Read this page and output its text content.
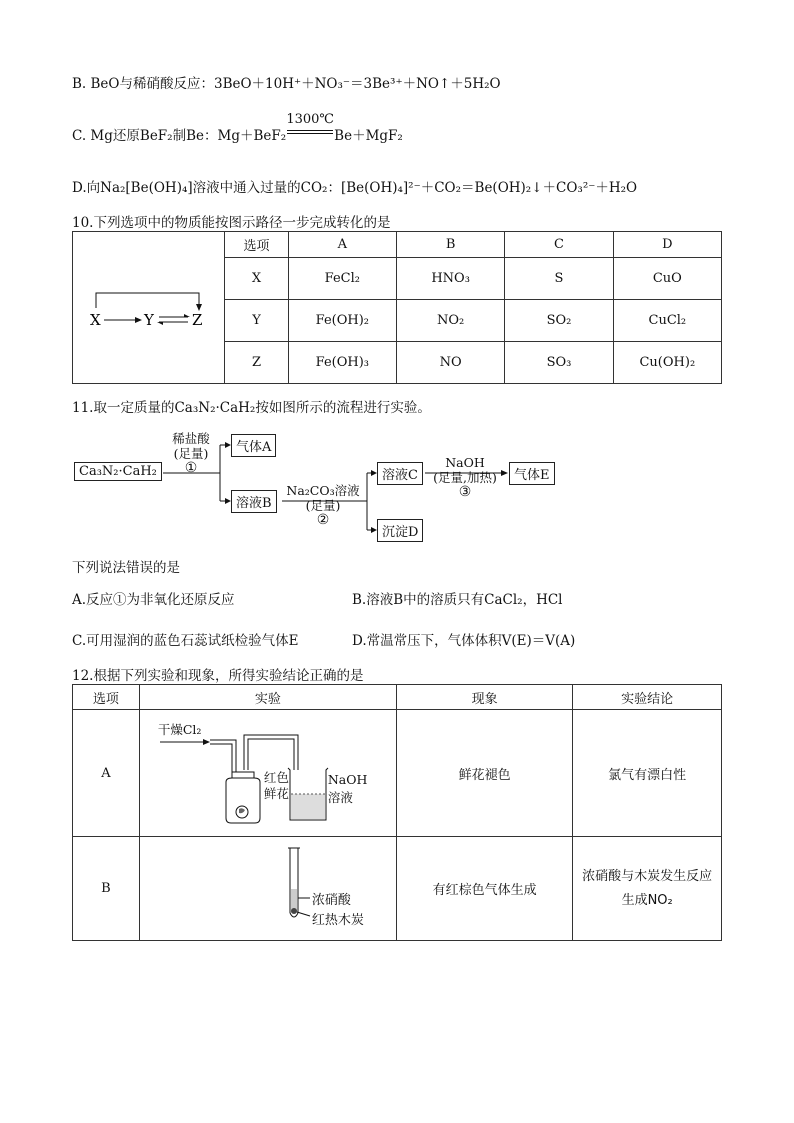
B. BeO与稀硝酸反应：3BeO＋10H⁺＋NO₃⁻＝3Be³⁺＋NO↑＋5H₂O
C. Mg还原BeF₂制Be：Mg＋BeF₂
1300℃
Be＋MgF₂
D.向Na₂[Be(OH)₄]溶液中通入过量的CO₂：[Be(OH)₄]²⁻＋CO₂＝Be(OH)₂↓＋CO₃²⁻＋H₂O
10.下列选项中的物质能按图示路径一步完成转化的是
X Y Z	选项	A	B	C	D
	X	FeCl₂	HNO₃	S	CuO
	Y	Fe(OH)₂	NO₂	SO₂	CuCl₂
	Z	Fe(OH)₃	NO	SO₃	Cu(OH)₂
11.取一定质量的Ca₃N₂·CaH₂按如图所示的流程进行实验。
Ca₃N₂·CaH₂
稀盐酸
(足量)
①
气体A
溶液B
Na₂CO₃溶液
(足量)
②
溶液C
沉淀D
NaOH
(足量,加热)
③
气体E
下列说法错误的是
A.反应①为非氧化还原反应	B.溶液B中的溶质只有CaCl₂，HCl
C.可用湿润的蓝色石蕊试纸检验气体E	D.常温常压下，气体体积V(E)＝V(A)
12.根据下列实验和现象，所得实验结论正确的是
选项	实验	现象	实验结论
A	干燥Cl₂
红色
鲜花
NaOH
溶液	鲜花褪色	氯气有漂白性
B	浓硝酸
红热木炭	有红棕色气体生成	浓硝酸与木炭发生反应生成NO₂
